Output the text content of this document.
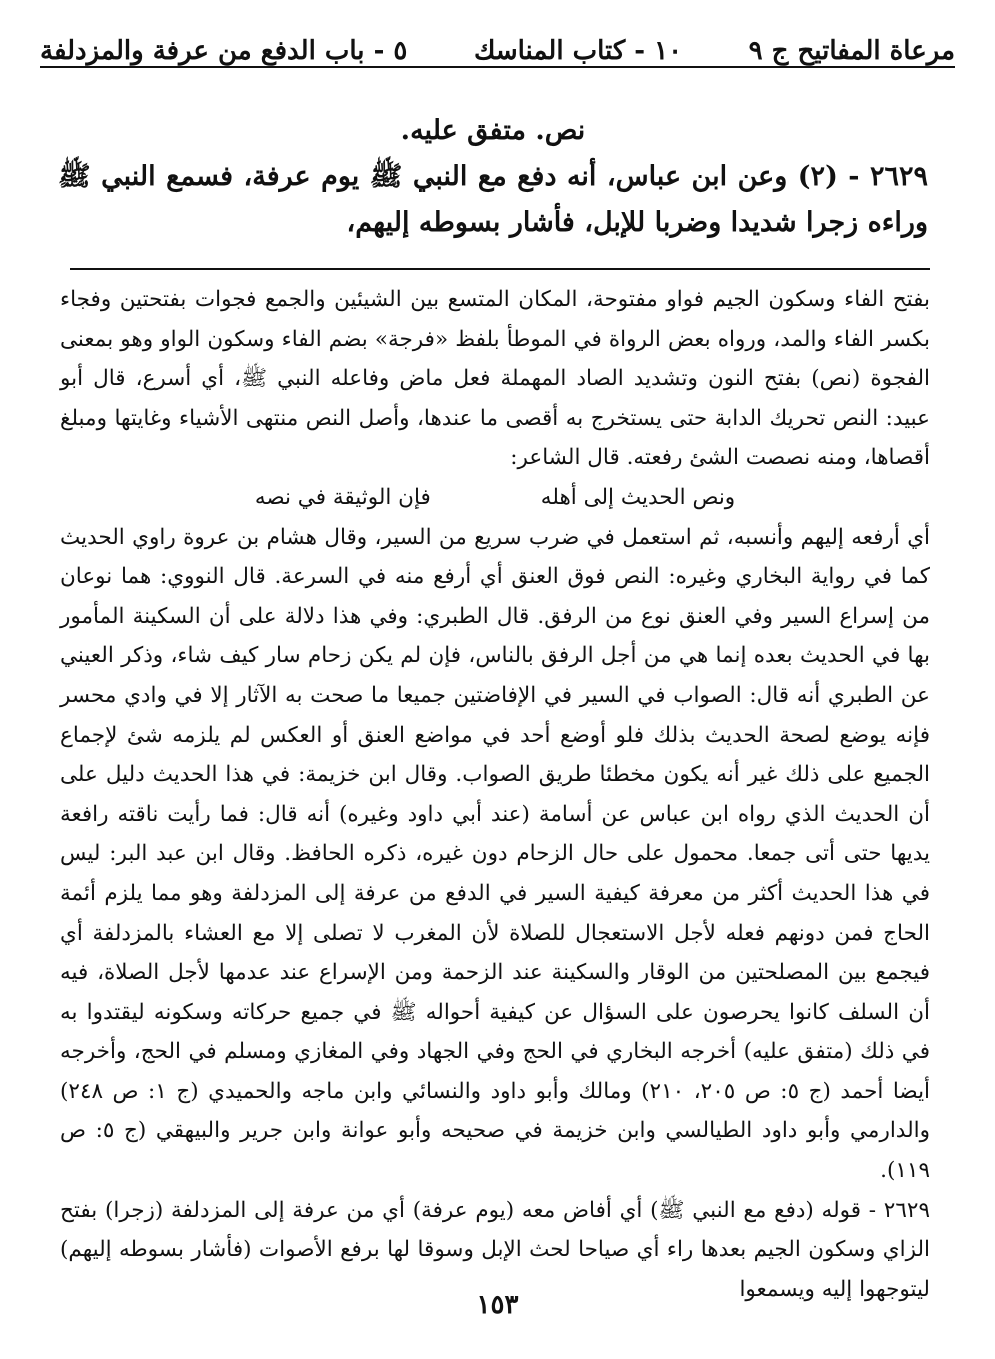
مرعاة المفاتيح ج ٩
١٠ - كتاب المناسك
٥ - باب الدفع من عرفة والمزدلفة
نص. متفق عليه.

٢٦٢٩ - (٢) وعن ابن عباس، أنه دفع مع النبي ﷺ يوم عرفة، فسمع النبي ﷺ وراءه زجرا شديدا وضربا للإبل، فأشار بسوطه إليهم،

بفتح الفاء وسكون الجيم فواو مفتوحة، المكان المتسع بين الشيئين والجمع فجوات بفتحتين وفجاء بكسر الفاء والمد، ورواه بعض الرواة في الموطأ بلفظ «فرجة» بضم الفاء وسكون الواو وهو بمعنى الفجوة (نص) بفتح النون وتشديد الصاد المهملة فعل ماض وفاعله النبي ﷺ، أي أسرع، قال أبو عبيد: النص تحريك الدابة حتى يستخرج به أقصى ما عندها، وأصل النص منتهى الأشياء وغايتها ومبلغ أقصاها، ومنه نصصت الشئ رفعته. قال الشاعر:

ونص الحديث إلى أهله
فإن الوثيقة في نصه

أي أرفعه إليهم وأنسبه، ثم استعمل في ضرب سريع من السير، وقال هشام بن عروة راوي الحديث كما في رواية البخاري وغيره: النص فوق العنق أي أرفع منه في السرعة. قال النووي: هما نوعان من إسراع السير وفي العنق نوع من الرفق. قال الطبري: وفي هذا دلالة على أن السكينة المأمور بها في الحديث بعده إنما هي من أجل الرفق بالناس، فإن لم يكن زحام سار كيف شاء، وذكر العيني عن الطبري أنه قال: الصواب في السير في الإفاضتين جميعا ما صحت به الآثار إلا في وادي محسر فإنه يوضع لصحة الحديث بذلك فلو أوضع أحد في مواضع العنق أو العكس لم يلزمه شئ لإجماع الجميع على ذلك غير أنه يكون مخطئا طريق الصواب. وقال ابن خزيمة: في هذا الحديث دليل على أن الحديث الذي رواه ابن عباس عن أسامة (عند أبي داود وغيره) أنه قال: فما رأيت ناقته رافعة يديها حتى أتى جمعا. محمول على حال الزحام دون غيره، ذكره الحافظ. وقال ابن عبد البر: ليس في هذا الحديث أكثر من معرفة كيفية السير في الدفع من عرفة إلى المزدلفة وهو مما يلزم أئمة الحاج فمن دونهم فعله لأجل الاستعجال للصلاة لأن المغرب لا تصلى إلا مع العشاء بالمزدلفة أي فيجمع بين المصلحتين من الوقار والسكينة عند الزحمة ومن الإسراع عند عدمها لأجل الصلاة، فيه أن السلف كانوا يحرصون على السؤال عن كيفية أحواله ﷺ في جميع حركاته وسكونه ليقتدوا به في ذلك (متفق عليه) أخرجه البخاري في الحج وفي الجهاد وفي المغازي ومسلم في الحج، وأخرجه أيضا أحمد (ج ٥: ص ٢٠٥، ٢١٠) ومالك وأبو داود والنسائي وابن ماجه والحميدي (ج ١: ص ٢٤٨) والدارمي وأبو داود الطيالسي وابن خزيمة في صحيحه وأبو عوانة وابن جرير والبيهقي (ج ٥: ص ١١٩).

٢٦٢٩ - قوله (دفع مع النبي ﷺ) أي أفاض معه (يوم عرفة) أي من عرفة إلى المزدلفة (زجرا) بفتح الزاي وسكون الجيم بعدها راء أي صياحا لحث الإبل وسوقا لها برفع الأصوات (فأشار بسوطه إليهم) ليتوجهوا إليه ويسمعوا

١٥٣
